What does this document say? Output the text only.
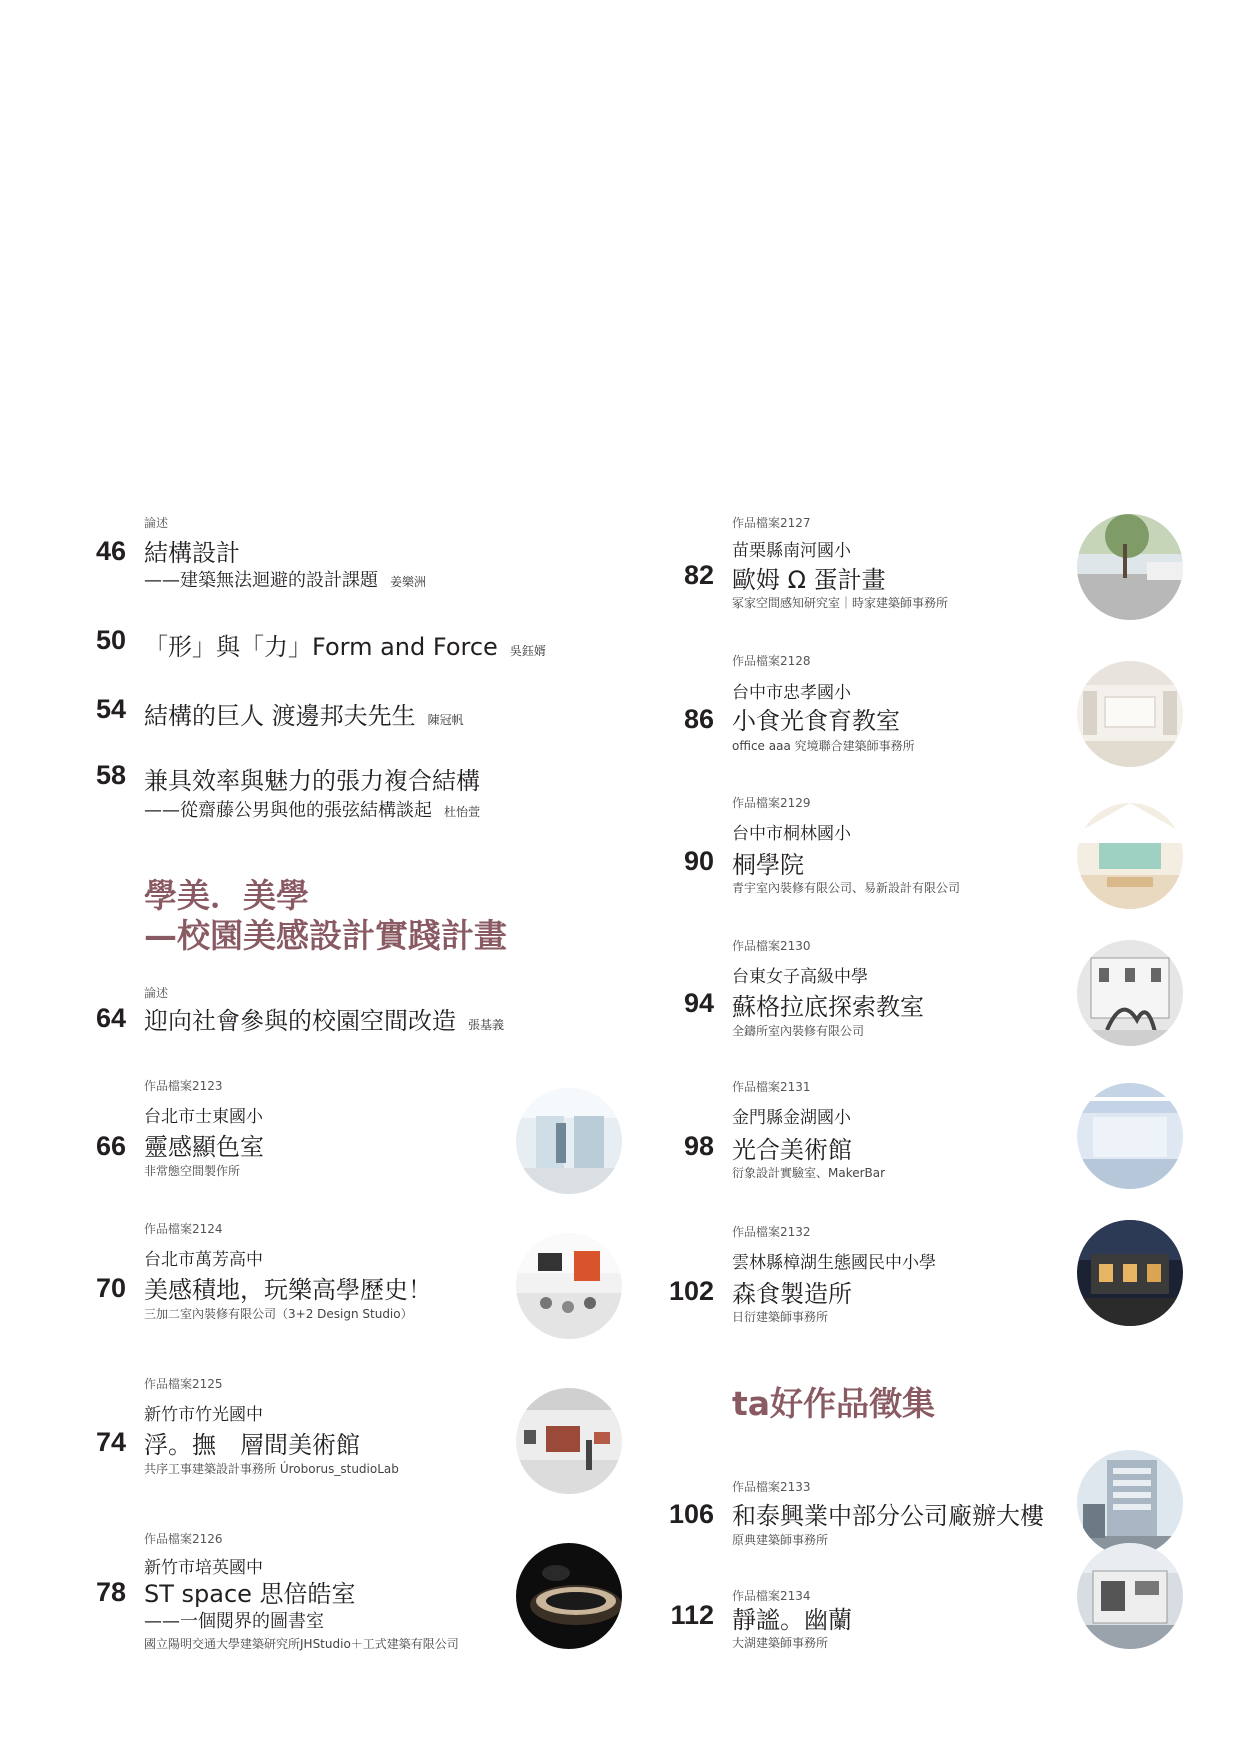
論述
46 結構設計
——建築無法迴避的設計課題 姜樂洲
50 「形」與「力」Form and Force 吳鈺婿
54 結構的巨人 渡邊邦夫先生 陳冠帆
58 兼具效率與魅力的張力複合結構
——從齋藤公男與他的張弦結構談起 杜怡萱
學美．美學
—校園美感設計實踐計畫
論述
64 迎向社會參與的校園空間改造 張基義
作品檔案2123
台北市士東國小
66 靈感顯色室
非常態空間製作所
作品檔案2124
台北市萬芳高中
70 美感積地，玩樂高學歷史！
三加二室內裝修有限公司（3+2 Design Studio）
作品檔案2125
新竹市竹光國中
74 浮。撫　層間美術館
共序工事建築設計事務所 Úroborus_studioLab
作品檔案2126
新竹市培英國中
78 ST space 思倍皓室
——一個閱界的圖書室
國立陽明交通大學建築研究所JHStudio＋工式建築有限公司
作品檔案2127
苗栗縣南河國小
82 歐姆 Ω 蛋計畫
冢家空間感知研究室｜時家建築師事務所
作品檔案2128
台中市忠孝國小
86 小食光食育教室
office aaa 究境聯合建築師事務所
作品檔案2129
台中市桐林國小
90 桐學院
青宇室內裝修有限公司、易新設計有限公司
作品檔案2130
台東女子高級中學
94 蘇格拉底探索教室
全鑄所室內裝修有限公司
作品檔案2131
金門縣金湖國小
98 光合美術館
衍象設計實驗室、MakerBar
作品檔案2132
雲林縣樟湖生態國民中小學
102 森食製造所
日衍建築師事務所
ta好作品徵集
作品檔案2133
106 和泰興業中部分公司廠辦大樓
原典建築師事務所
作品檔案2134
112 靜謐。幽蘭
大湖建築師事務所
